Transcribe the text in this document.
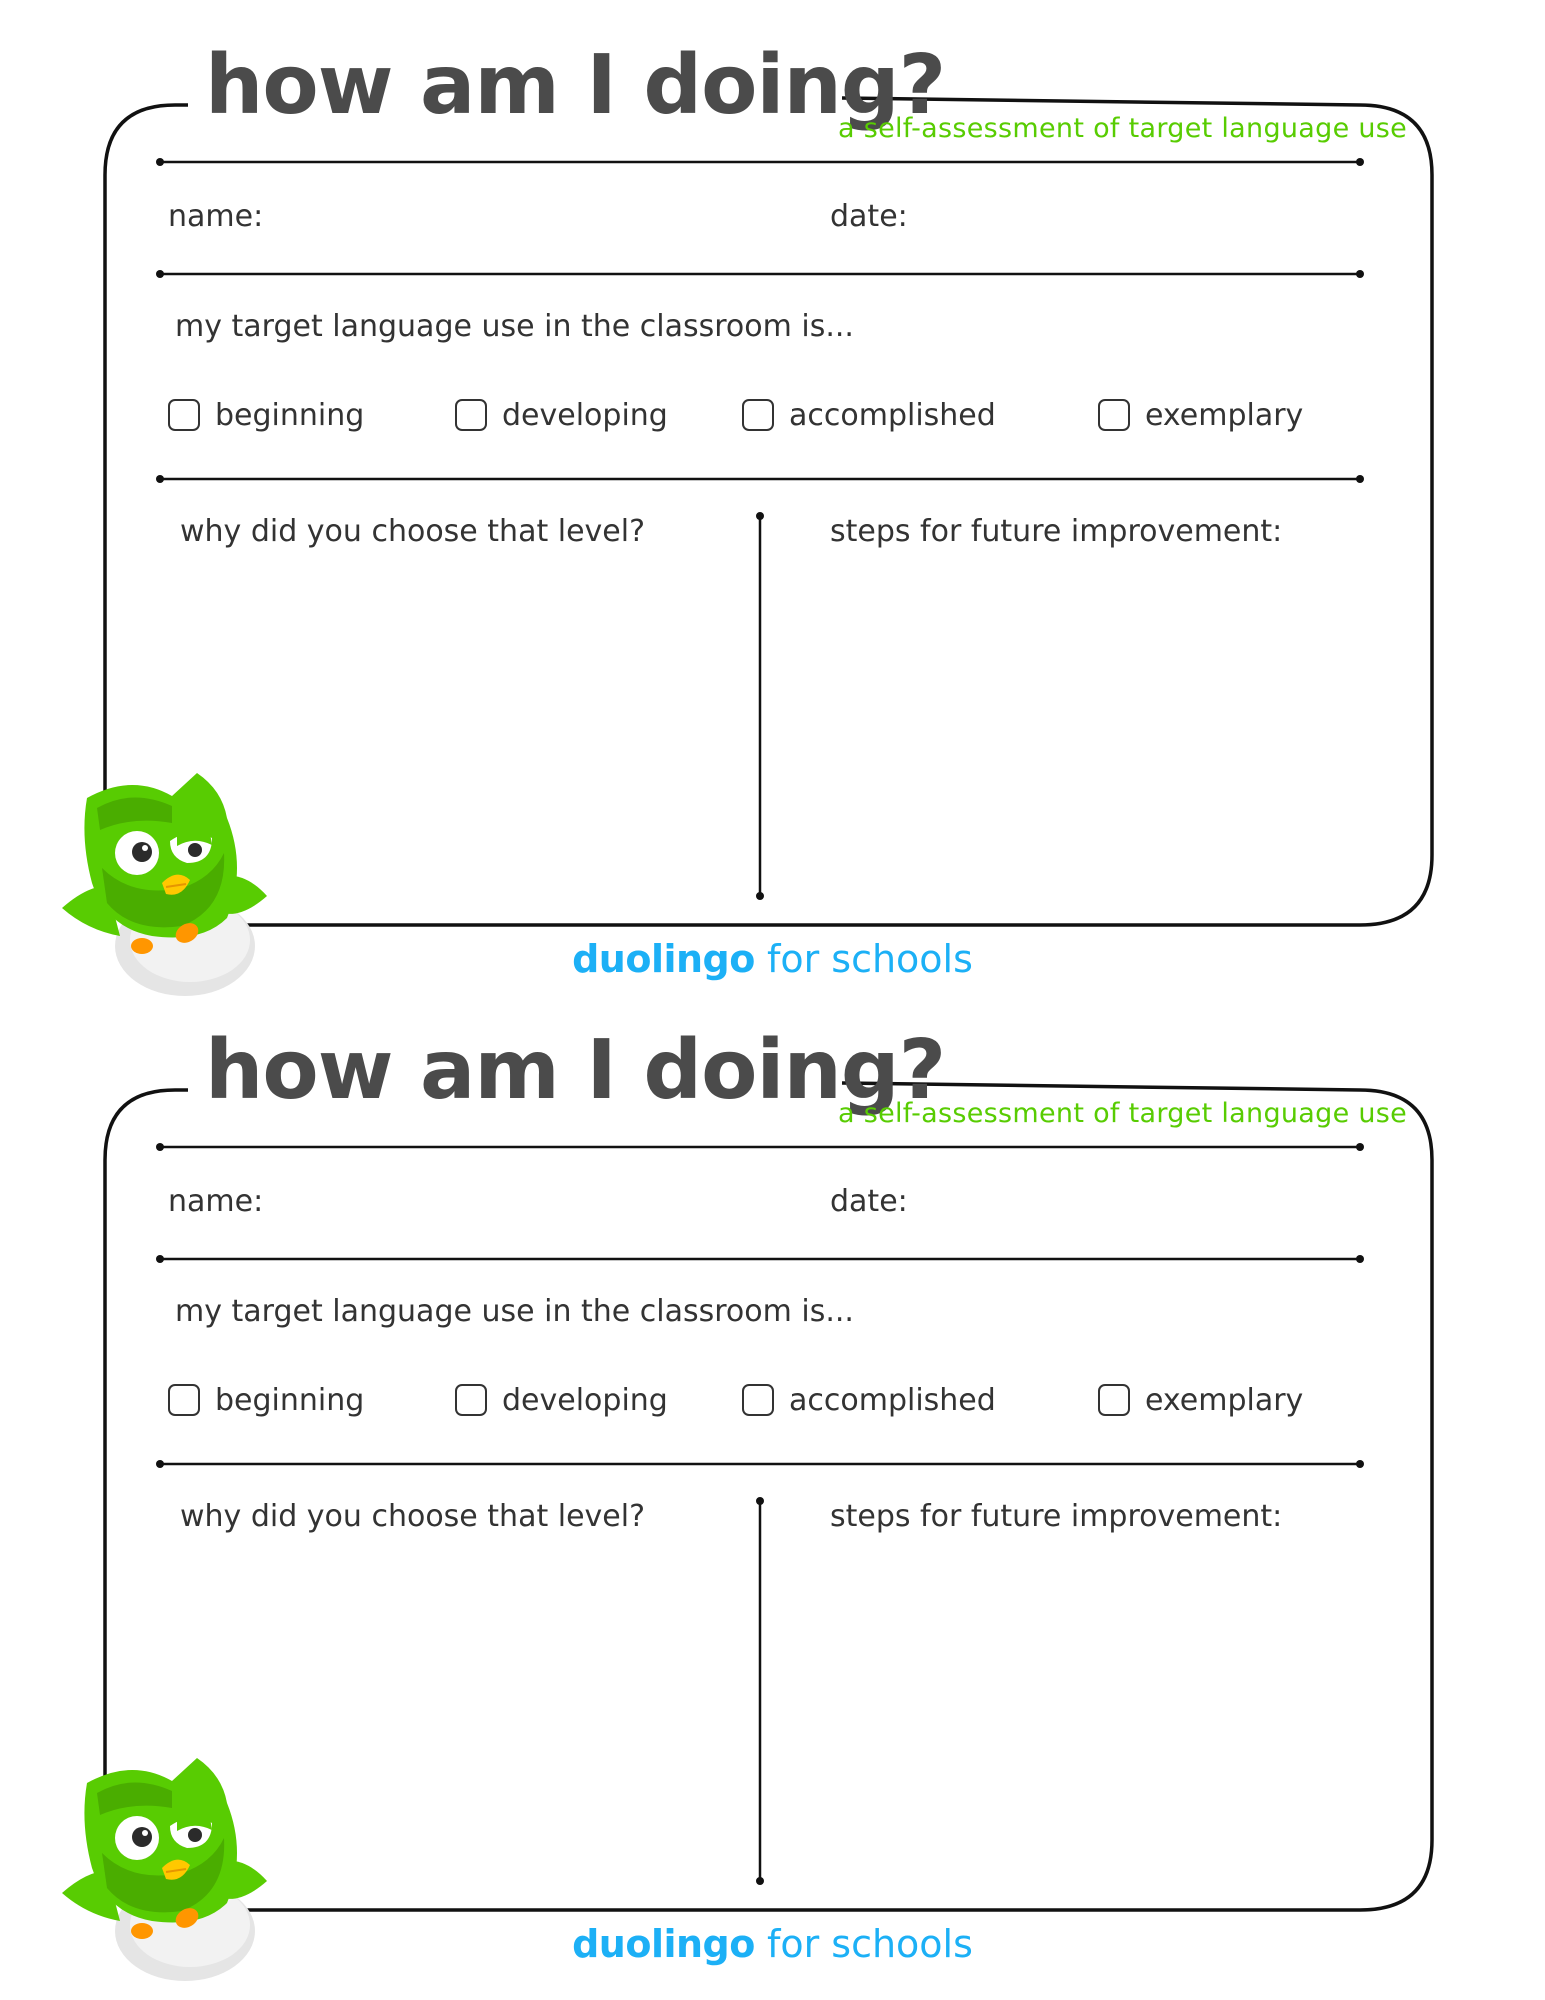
how am I doing?
a self-assessment of target language use
name:	date:
my target language use in the classroom is...
beginning	developing	accomplished	exemplary
why did you choose that level?	steps for future improvement:
duolingo for schools
how am I doing?
a self-assessment of target language use
name:	date:
my target language use in the classroom is...
beginning	developing	accomplished	exemplary
why did you choose that level?	steps for future improvement:
duolingo for schools
